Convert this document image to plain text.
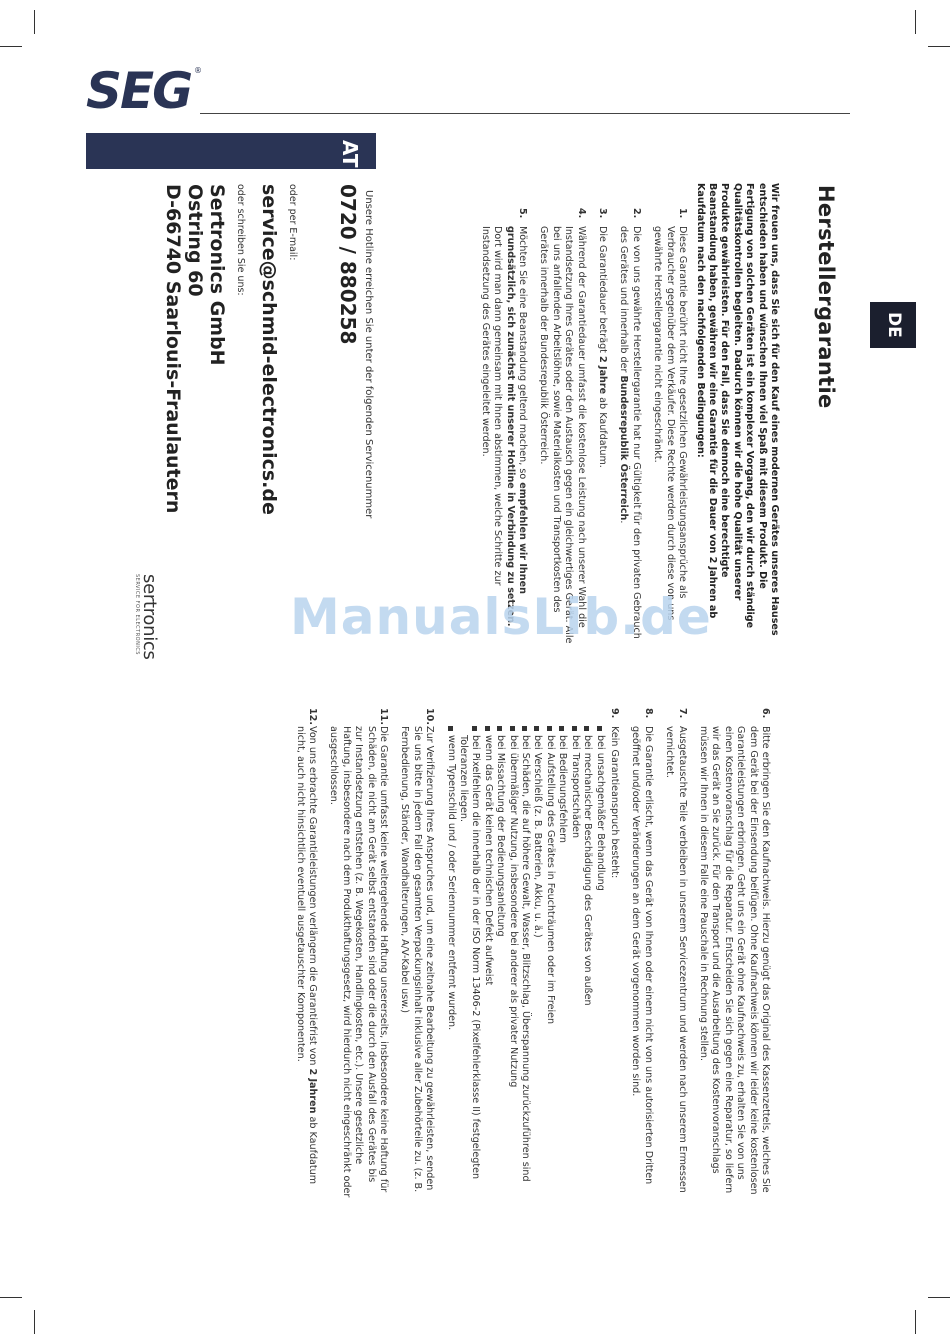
SEG ®
DE
Herstellergarantie
Wir freuen uns, dass Sie sich für den Kauf eines modernen Gerätes unseres Hauses entschieden haben und wünschen Ihnen viel Spaß mit diesem Produkt. Die Fertigung von solchen Geräten ist ein komplexer Vorgang, den wir durch ständige Qualitätskontrollen begleiten. Dadurch können wir die hohe Qualität unserer Produkte gewährleisten. Für den Fall, dass Sie dennoch eine berechtigte Beanstandung haben, gewähren wir eine Garantie für die Dauer von 2 Jahren ab Kaufdatum nach den nachfolgenden Bedingungen:
1.
Diese Garantie berührt nicht Ihre gesetzlichen Gewährleistungsansprüche als Verbraucher gegenüber dem Verkäufer. Diese Rechte werden durch diese von uns gewährte Herstellergarantie nicht eingeschränkt.
2.
Die von uns gewährte Herstellergarantie hat nur Gültigkeit für den privaten Gebrauch des Gerätes und innerhalb der Bundesrepublik Österreich.
3.
Die Garantiedauer beträgt 2 Jahre ab Kaufdatum.
4.
Während der Garantiedauer umfasst die kostenlose Leistung nach unserer Wahl die Instandsetzung Ihres Gerätes oder den Austausch gegen ein gleichwertiges Gerät. Alle bei uns anfallenden Arbeitslöhne, sowie Materialkosten und Transportkosten des Gerätes innerhalb der Bundesrepublik Österreich.
5.
Möchten Sie eine Beanstandung geltend machen, so empfehlen wir Ihnen grundsätzlich, sich zunächst mit unserer Hotline in Verbindung zu setzen. Dort wird man dann gemeinsam mit Ihnen abstimmen, welche Schritte zur Instandsetzung des Gerätes eingeleitet werden.
Unsere Hotline erreichen Sie unter der folgenden Servicenummer
AT
0720 / 880258
oder per E-mail:
service@schmid-electronics.de
oder schreiben Sie uns:
Sertronics GmbH
Ostring 60
D-66740 Saarlouis-Fraulautern
sertronics
SERVICE FOR ELECTRONICS
6.
Bitte erbringen Sie den Kaufnachweis. Hierzu genügt das Original des Kassenzettels, welches Sie dem Gerät bei der Einsendung beifügen. Ohne Kaufnachweis können wir leider keine kostenlosen Garantieleistungen erbringen. Geht uns ein Gerät ohne Kaufnachweis zu, erhalten Sie von uns einen Kostenvoranschlag für die Reparatur. Entscheiden Sie sich gegen eine Reparatur, so liefern wir das Gerät an Sie zurück. Für den Transport und die Ausarbeitung des Kostenvoranschlags müssen wir Ihnen in diesem Falle eine Pauschale in Rechnung stellen.
7.
Ausgetauschte Teile verbleiben in unserem Servicezentrum und werden nach unserem Ermessen vernichtet.
8.
Die Garantie erlischt, wenn das Gerät von Ihnen oder einem nicht von uns autorisierten Dritten geöffnet und/oder Veränderungen an dem Gerät vorgenommen worden sind.
9.
Kein Garantieanspruch besteht:
bei unsachgemäßer Behandlung
bei mechanischer Beschädigung des Gerätes von außen
bei Transportschäden
bei Bedienungsfehlern
bei Aufstellung des Gerätes in Feuchträumen oder im Freien
bei Verschleiß (z. B. Batterien, Akku, u. ä.)
bei Schäden, die auf höhere Gewalt, Wasser, Blitzschlag, Überspannung zurückzuführen sind
bei übermäßiger Nutzung, insbesondere bei anderer als privater Nutzung
bei Missachtung der Bedienungsanleitung
wenn das Gerät keinen technischen Defekt aufweist
bei Pixelfehlern die innerhalb der in der ISO Norm 13406-2 (Pixelfehlerklasse II) festgelegten Toleranzen liegen.
wenn Typenschild und / oder Seriennummer entfernt wurden.
10.
Zur Verifizierung Ihres Anspruches und, um eine zeitnahe Bearbeitung zu gewährleisten, senden Sie uns bitte in jedem Fall den gesamten Verpackungsinhalt inklusive aller Zubehörteile zu. (z. B. Fernbedienung, Ständer, Wandhalterungen, A/V-Kabel usw.)
11.
Die Garantie umfasst keine weitergehende Haftung unsererseits, insbesondere keine Haftung für Schäden, die nicht am Gerät selbst entstanden sind oder die durch den Ausfall des Gerätes bis zur Instandsetzung entstehen (z. B. Wegekosten, Handlingkosten, etc.). Unsere gesetzliche Haftung, insbesondere nach dem Produkthaftungsgesetz, wird hierdurch nicht eingeschränkt oder ausgeschlossen.
12.
Von uns erbrachte Garantieleistungen verlängern die Garantiefrist von 2 Jahren ab Kaufdatum nicht, auch nicht hinsichtlich eventuell ausgetauschter Komponenten.
ManualsLib.de
